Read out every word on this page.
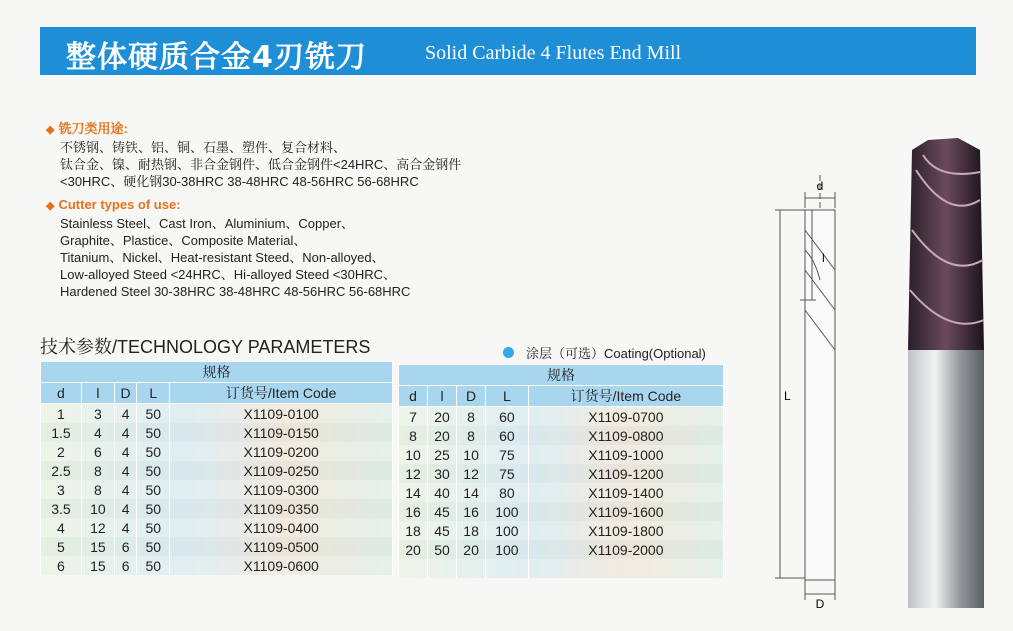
整体硬质合金4刃铣刀	Solid Carbide 4 Flutes End Mill
◆ 铣刀类用途:
不锈钢、铸铁、铝、铜、石墨、塑件、复合材料、
钛合金、镍、耐热钢、非合金钢件、低合金钢件<24HRC、高合金钢件
<30HRC、硬化钢30-38HRC 38-48HRC 48-56HRC 56-68HRC
◆ Cutter types of use:
Stainless Steel、Cast Iron、Aluminium、Copper、
Graphite、Plastice、Composite Material、
Titanium、Nickel、Heat-resistant Steed、Non-alloyed、
Low-alloyed Steed <24HRC、Hi-alloyed Steed <30HRC、
Hardened Steel 30-38HRC 38-48HRC 48-56HRC 56-68HRC
技术参数/TECHNOLOGY PARAMETERS	涂层（可选）Coating(Optional)
规格				
d	l	D	L	订货号/Item Code
1	3	4	50	X1109-0100
1.5	4	4	50	X1109-0150
2	6	4	50	X1109-0200
2.5	8	4	50	X1109-0250
3	8	4	50	X1109-0300
3.5	10	4	50	X1109-0350
4	12	4	50	X1109-0400
5	15	6	50	X1109-0500
6	15	6	50	X1109-0600
规格				
d	l	D	L	订货号/Item Code
7	20	8	60	X1109-0700
8	20	8	60	X1109-0800
10	25	10	75	X1109-1000
12	30	12	75	X1109-1200
14	40	14	80	X1109-1400
16	45	16	100	X1109-1600
18	45	18	100	X1109-1800
20	50	20	100	X1109-2000

d
l
L
D
